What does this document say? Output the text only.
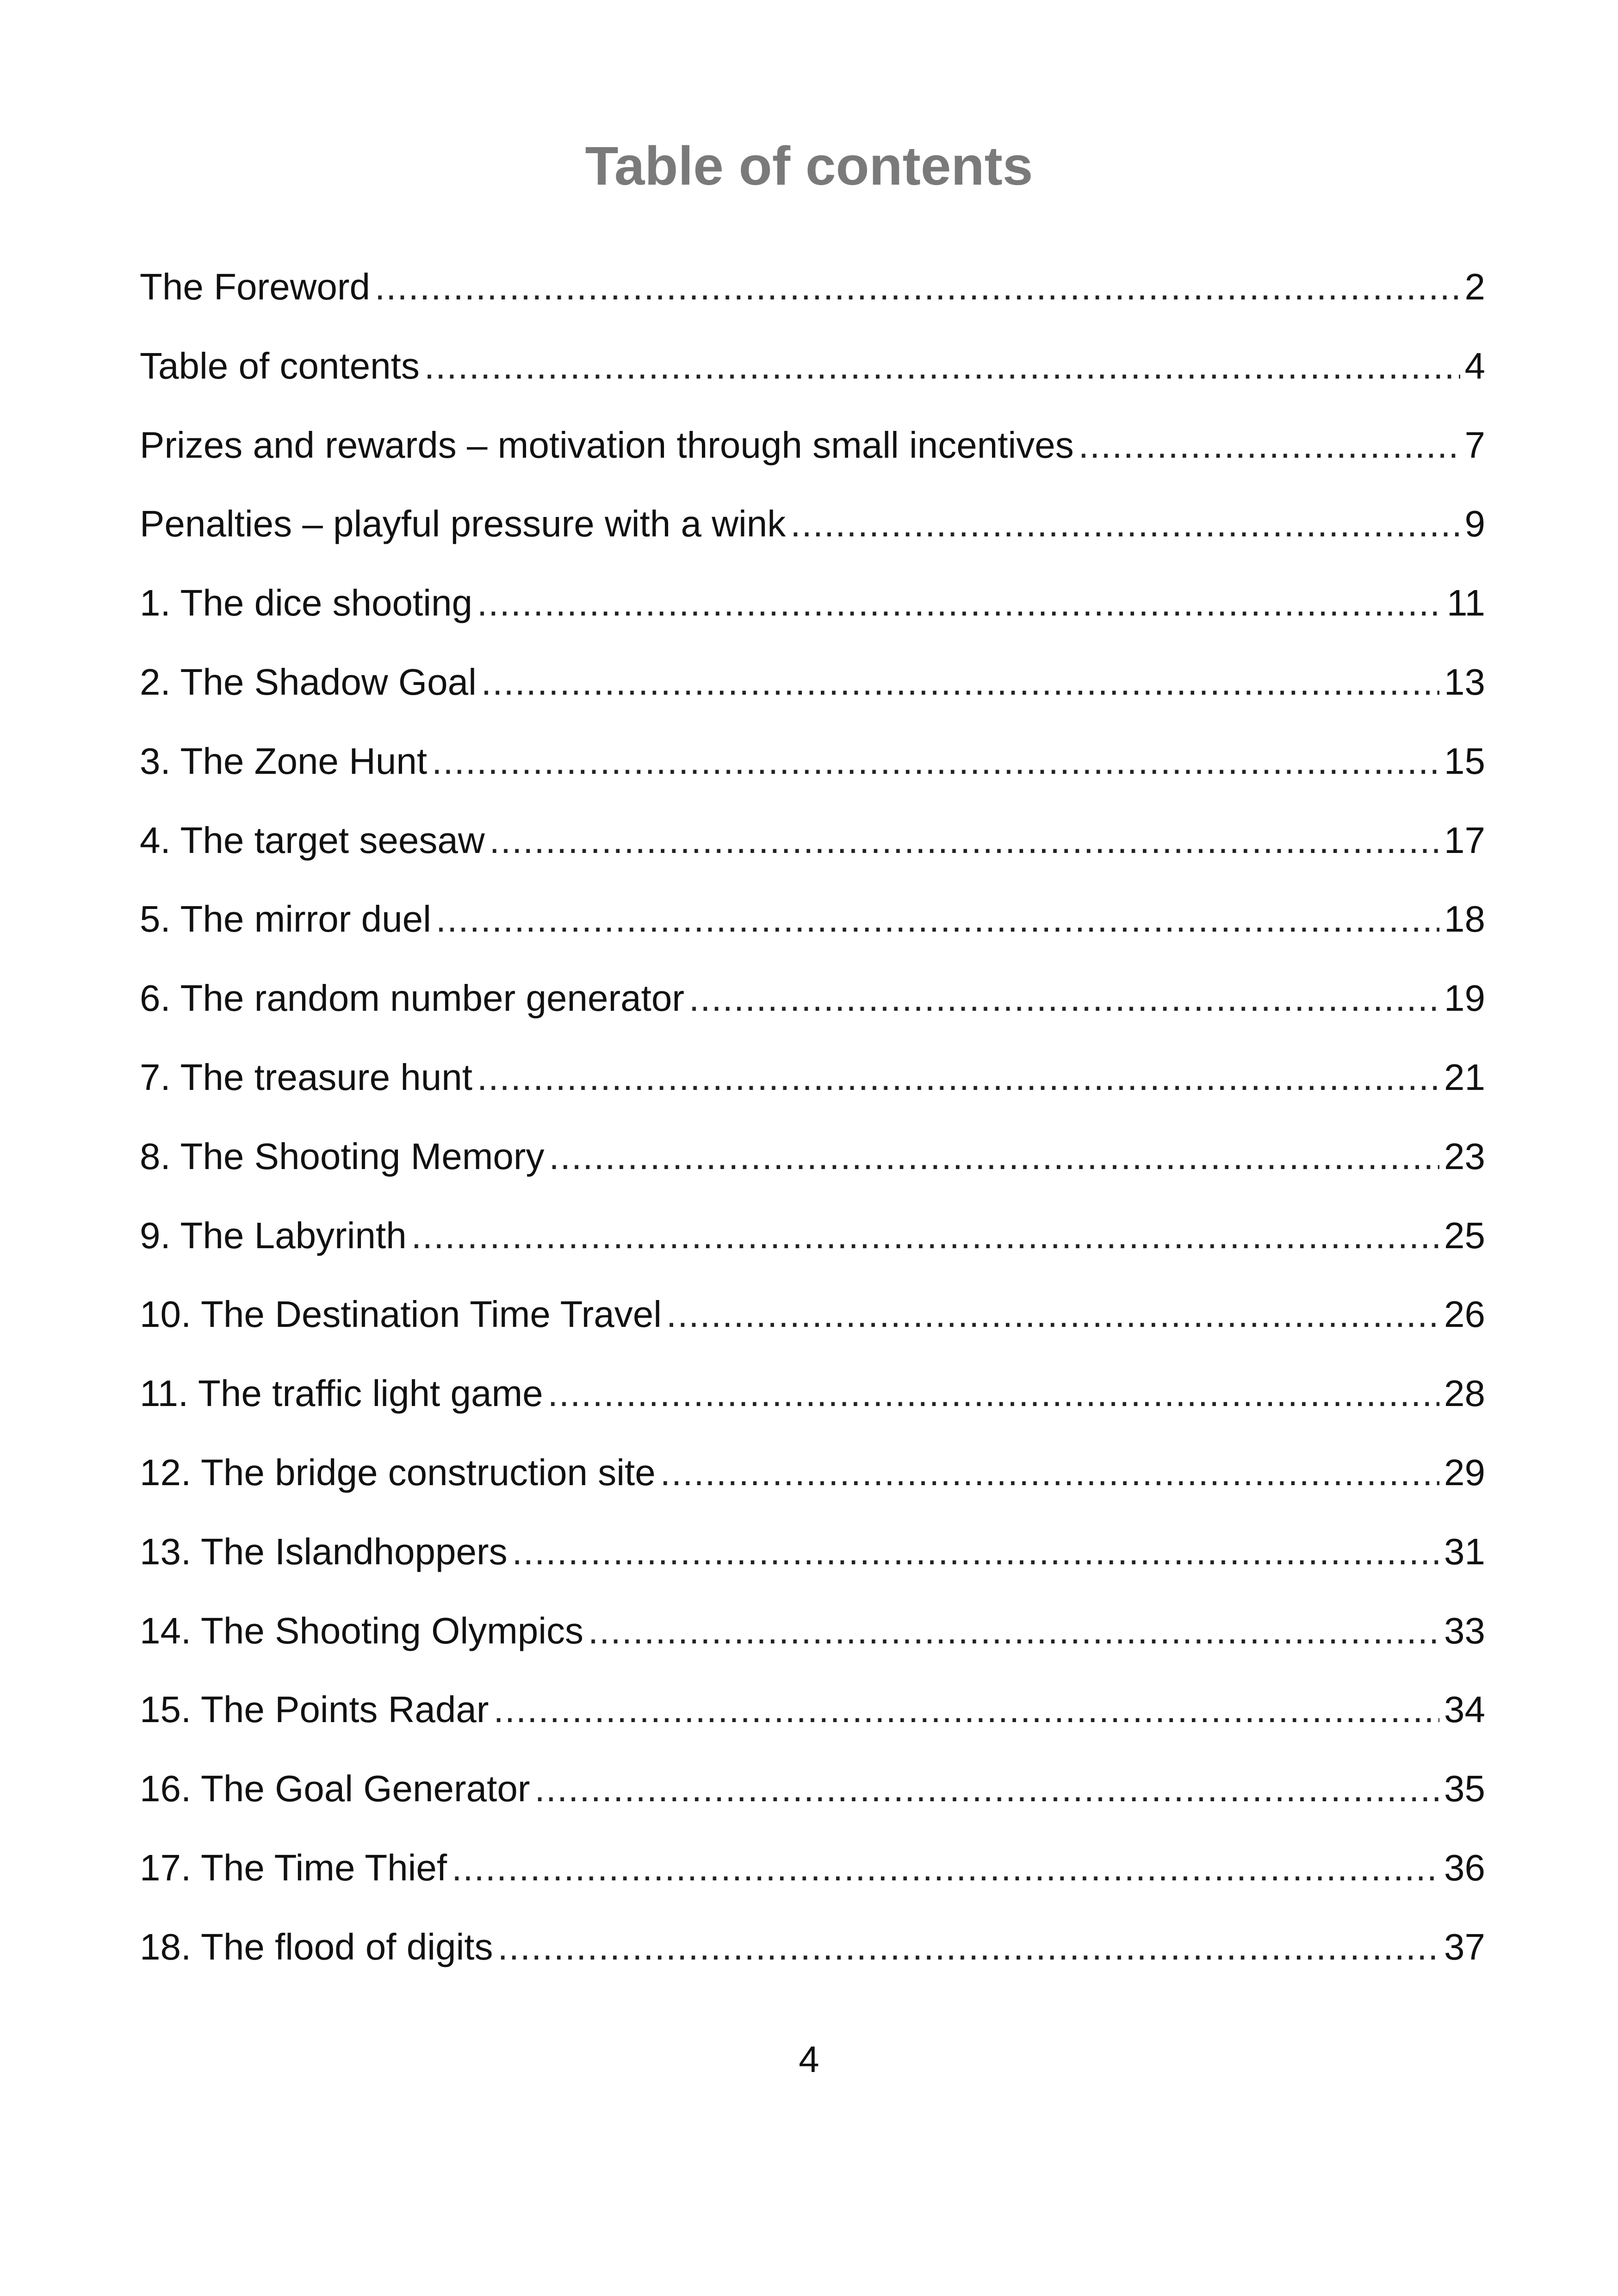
Table of contents
The Foreword .....	2
Table of contents .....	4
Prizes and rewards – motivation through small incentives .....	7
Penalties – playful pressure with a wink .....	9
1. The dice shooting .....	11
2. The Shadow Goal .....	13
3. The Zone Hunt .....	15
4. The target seesaw .....	17
5. The mirror duel .....	18
6. The random number generator .....	19
7. The treasure hunt .....	21
8. The Shooting Memory .....	23
9. The Labyrinth .....	25
10. The Destination Time Travel .....	26
11. The traffic light game .....	28
12. The bridge construction site .....	29
13. The Islandhoppers .....	31
14. The Shooting Olympics .....	33
15. The Points Radar .....	34
16. The Goal Generator .....	35
17. The Time Thief .....	36
18. The flood of digits .....	37
4
